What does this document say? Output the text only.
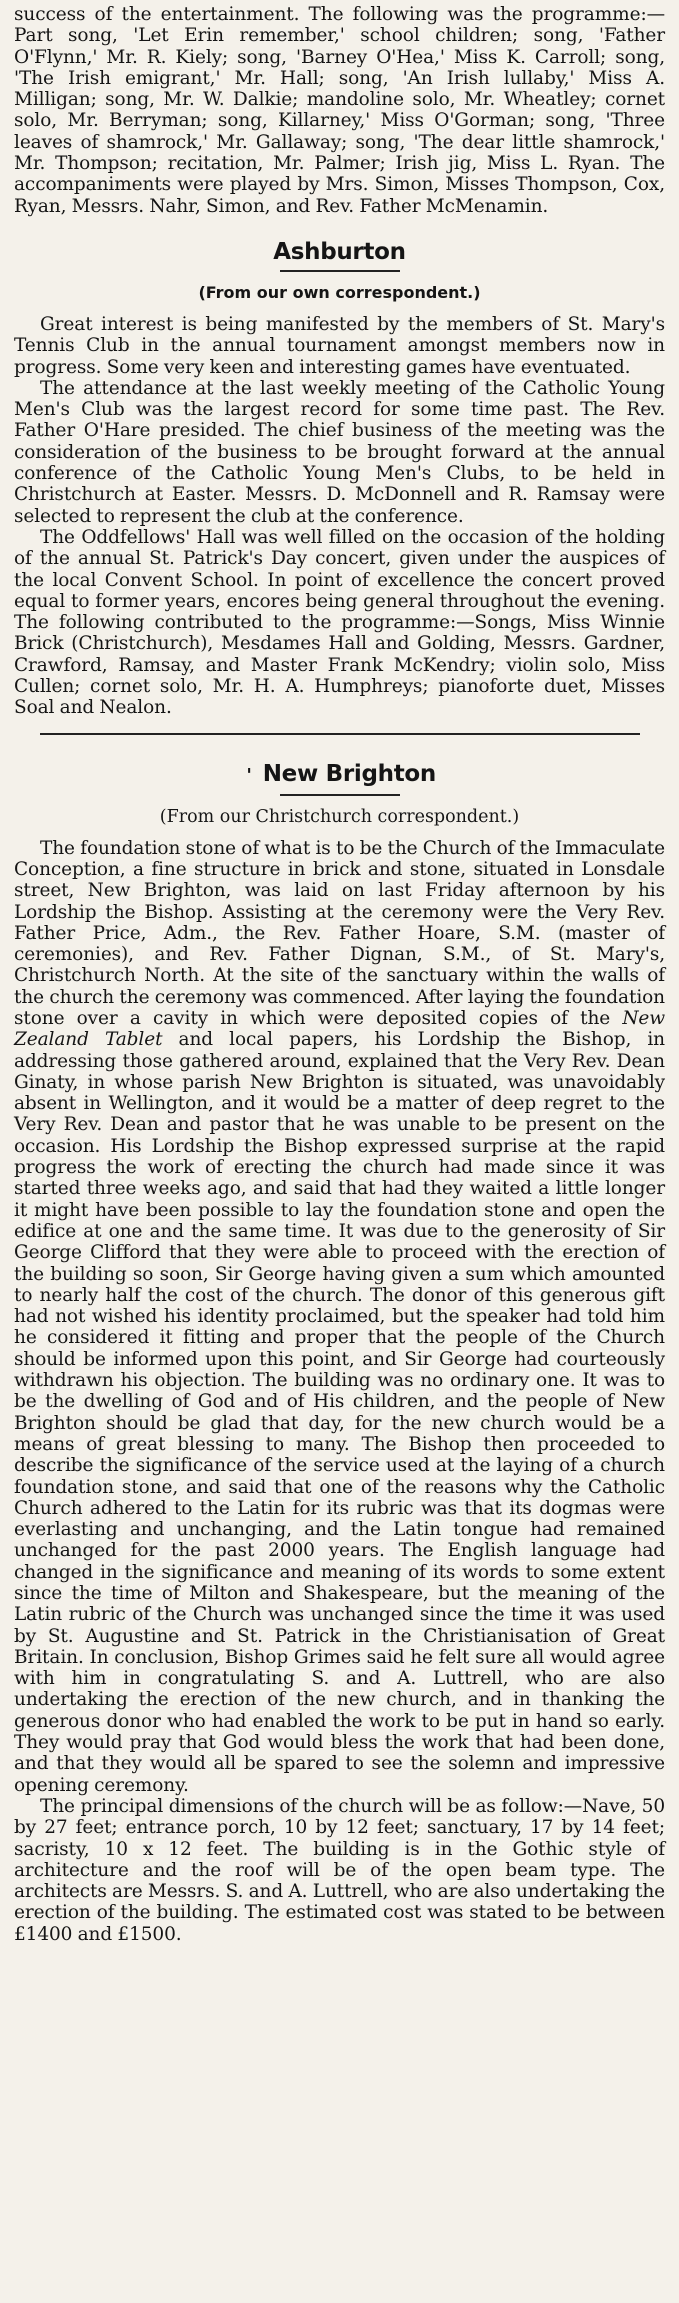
success of the entertainment. The following was the programme:—Part song, 'Let Erin remember,' school children; song, 'Father O'Flynn,' Mr. R. Kiely; song, 'Barney O'Hea,' Miss K. Carroll; song, 'The Irish emigrant,' Mr. Hall; song, 'An Irish lullaby,' Miss A. Milligan; song, Mr. W. Dalkie; mandoline solo, Mr. Wheatley; cornet solo, Mr. Berryman; song, Killarney,' Miss O'Gorman; song, 'Three leaves of shamrock,' Mr. Gallaway; song, 'The dear little shamrock,' Mr. Thompson; recitation, Mr. Palmer; Irish jig, Miss L. Ryan. The accompaniments were played by Mrs. Simon, Misses Thompson, Cox, Ryan, Messrs. Nahr, Simon, and Rev. Father McMenamin.

Ashburton

(From our own correspondent.)

Great interest is being manifested by the members of St. Mary's Tennis Club in the annual tournament amongst members now in progress. Some very keen and interesting games have eventuated.

The attendance at the last weekly meeting of the Catholic Young Men's Club was the largest record for some time past. The Rev. Father O'Hare presided. The chief business of the meeting was the consideration of the business to be brought forward at the annual conference of the Catholic Young Men's Clubs, to be held in Christchurch at Easter. Messrs. D. McDonnell and R. Ramsay were selected to represent the club at the conference.

The Oddfellows' Hall was well filled on the occasion of the holding of the annual St. Patrick's Day concert, given under the auspices of the local Convent School. In point of excellence the concert proved equal to former years, encores being general throughout the evening. The following contributed to the programme:—Songs, Miss Winnie Brick (Christchurch), Mesdames Hall and Golding, Messrs. Gardner, Crawford, Ramsay, and Master Frank McKendry; violin solo, Miss Cullen; cornet solo, Mr. H. A. Humphreys; pianoforte duet, Misses Soal and Nealon.

' New Brighton

(From our Christchurch correspondent.)

The foundation stone of what is to be the Church of the Immaculate Conception, a fine structure in brick and stone, situated in Lonsdale street, New Brighton, was laid on last Friday afternoon by his Lordship the Bishop. Assisting at the ceremony were the Very Rev. Father Price, Adm., the Rev. Father Hoare, S.M. (master of ceremonies), and Rev. Father Dignan, S.M., of St. Mary's, Christchurch North. At the site of the sanctuary within the walls of the church the ceremony was commenced. After laying the foundation stone over a cavity in which were deposited copies of the New Zealand Tablet and local papers, his Lordship the Bishop, in addressing those gathered around, explained that the Very Rev. Dean Ginaty, in whose parish New Brighton is situated, was unavoidably absent in Wellington, and it would be a matter of deep regret to the Very Rev. Dean and pastor that he was unable to be present on the occasion. His Lordship the Bishop expressed surprise at the rapid progress the work of erecting the church had made since it was started three weeks ago, and said that had they waited a little longer it might have been possible to lay the foundation stone and open the edifice at one and the same time. It was due to the generosity of Sir George Clifford that they were able to proceed with the erection of the building so soon, Sir George having given a sum which amounted to nearly half the cost of the church. The donor of this generous gift had not wished his identity proclaimed, but the speaker had told him he considered it fitting and proper that the people of the Church should be informed upon this point, and Sir George had courteously withdrawn his objection. The building was no ordinary one. It was to be the dwelling of God and of His children, and the people of New Brighton should be glad that day, for the new church would be a means of great blessing to many. The Bishop then proceeded to describe the significance of the service used at the laying of a church foundation stone, and said that one of the reasons why the Catholic Church adhered to the Latin for its rubric was that its dogmas were everlasting and unchanging, and the Latin tongue had remained unchanged for the past 2000 years. The English language had changed in the significance and meaning of its words to some extent since the time of Milton and Shakespeare, but the meaning of the Latin rubric of the Church was unchanged since the time it was used by St. Augustine and St. Patrick in the Christianisation of Great Britain. In conclusion, Bishop Grimes said he felt sure all would agree with him in congratulating S. and A. Luttrell, who are also undertaking the erection of the new church, and in thanking the generous donor who had enabled the work to be put in hand so early. They would pray that God would bless the work that had been done, and that they would all be spared to see the solemn and impressive opening ceremony.

The principal dimensions of the church will be as follow:—Nave, 50 by 27 feet; entrance porch, 10 by 12 feet; sanctuary, 17 by 14 feet; sacristy, 10 x 12 feet. The building is in the Gothic style of architecture and the roof will be of the open beam type. The architects are Messrs. S. and A. Luttrell, who are also undertaking the erection of the building. The estimated cost was stated to be between £1400 and £1500.
